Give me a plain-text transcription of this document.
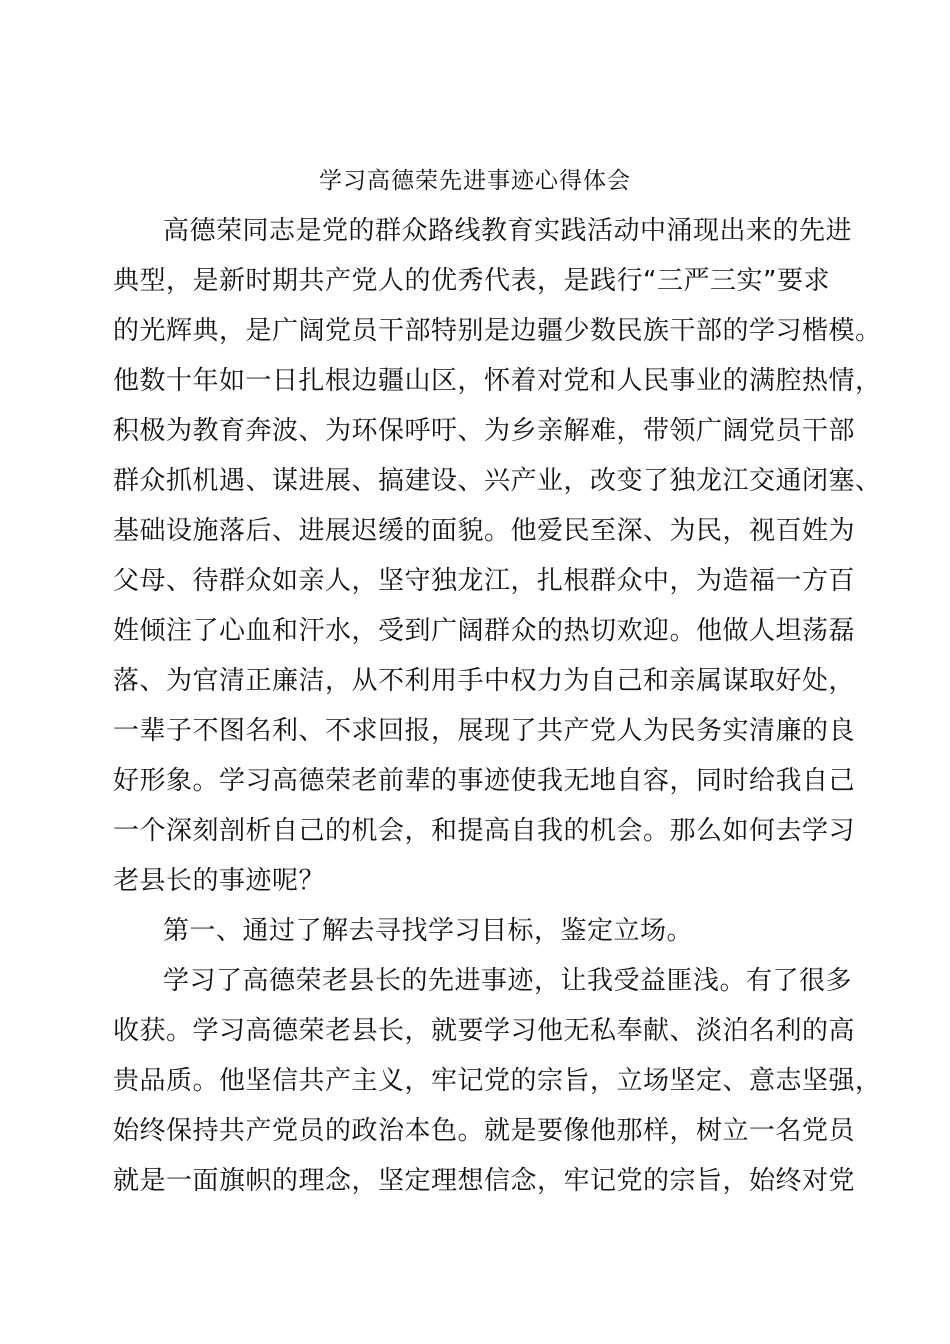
学习高德荣先进事迹心得体会
高德荣同志是党的群众路线教育实践活动中涌现出来的先进
典型，是新时期共产党人的优秀代表，是践行“三严三实”要求
的光辉典，是广阔党员干部特别是边疆少数民族干部的学习楷模。
他数十年如一日扎根边疆山区，怀着对党和人民事业的满腔热情，
积极为教育奔波、为环保呼吁、为乡亲解难，带领广阔党员干部
群众抓机遇、谋进展、搞建设、兴产业，改变了独龙江交通闭塞、
基础设施落后、进展迟缓的面貌。他爱民至深、为民，视百姓为
父母、待群众如亲人，坚守独龙江，扎根群众中，为造福一方百
姓倾注了心血和汗水，受到广阔群众的热切欢迎。他做人坦荡磊
落、为官清正廉洁，从不利用手中权力为自己和亲属谋取好处，
一辈子不图名利、不求回报，展现了共产党人为民务实清廉的良
好形象。学习高德荣老前辈的事迹使我无地自容，同时给我自己
一个深刻剖析自己的机会，和提高自我的机会。那么如何去学习
老县长的事迹呢？
第一、通过了解去寻找学习目标，鉴定立场。
学习了高德荣老县长的先进事迹，让我受益匪浅。有了很多
收获。学习高德荣老县长，就要学习他无私奉献、淡泊名利的高
贵品质。他坚信共产主义，牢记党的宗旨，立场坚定、意志坚强，
始终保持共产党员的政治本色。就是要像他那样，树立一名党员
就是一面旗帜的理念，坚定理想信念，牢记党的宗旨，始终对党
